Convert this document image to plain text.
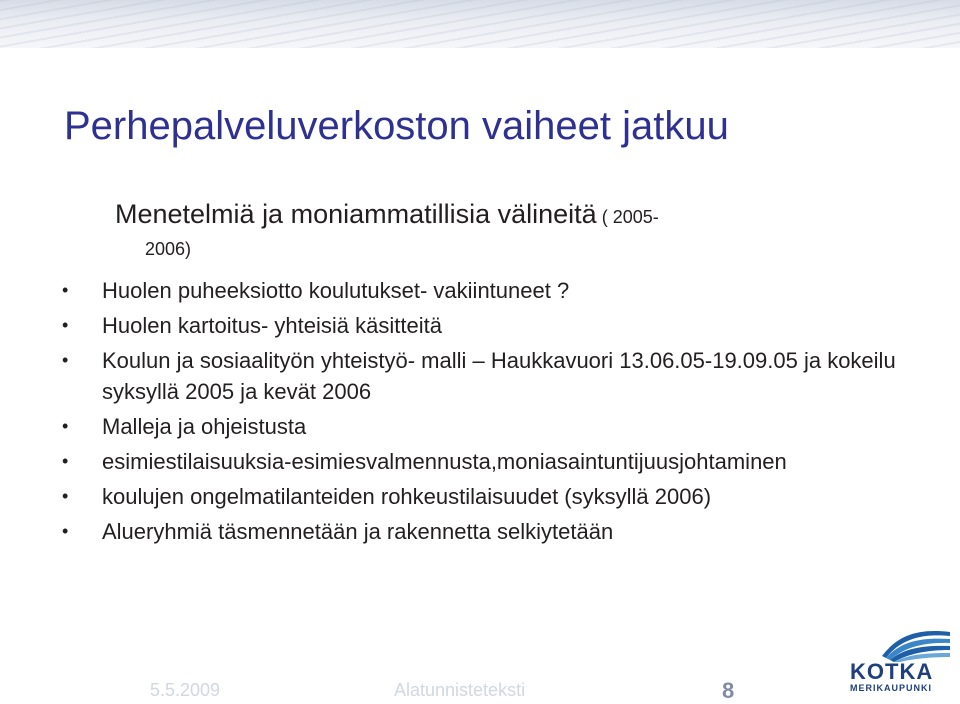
Perhepalveluverkoston vaiheet jatkuu
Menetelmiä ja moniammatillisia välineitä ( 2005-
2006)
• Huolen puheeksiotto koulutukset- vakiintuneet ?
• Huolen kartoitus- yhteisiä käsitteitä
• Koulun ja sosiaalityön yhteistyö- malli – Haukkavuori 13.06.05-19.09.05 ja kokeilu syksyllä 2005 ja kevät 2006
• Malleja ja ohjeistusta
• esimiestilaisuuksia-esimiesvalmennusta,moniasaintuntijuusjohtaminen
• koulujen ongelmatilanteiden rohkeustilaisuudet (syksyllä 2006)
• Alueryhmiä täsmennetään ja rakennetta selkiytetään
5.5.2009	Alatunnisteteksti	8
KOTKA
MERIKAUPUNKI
